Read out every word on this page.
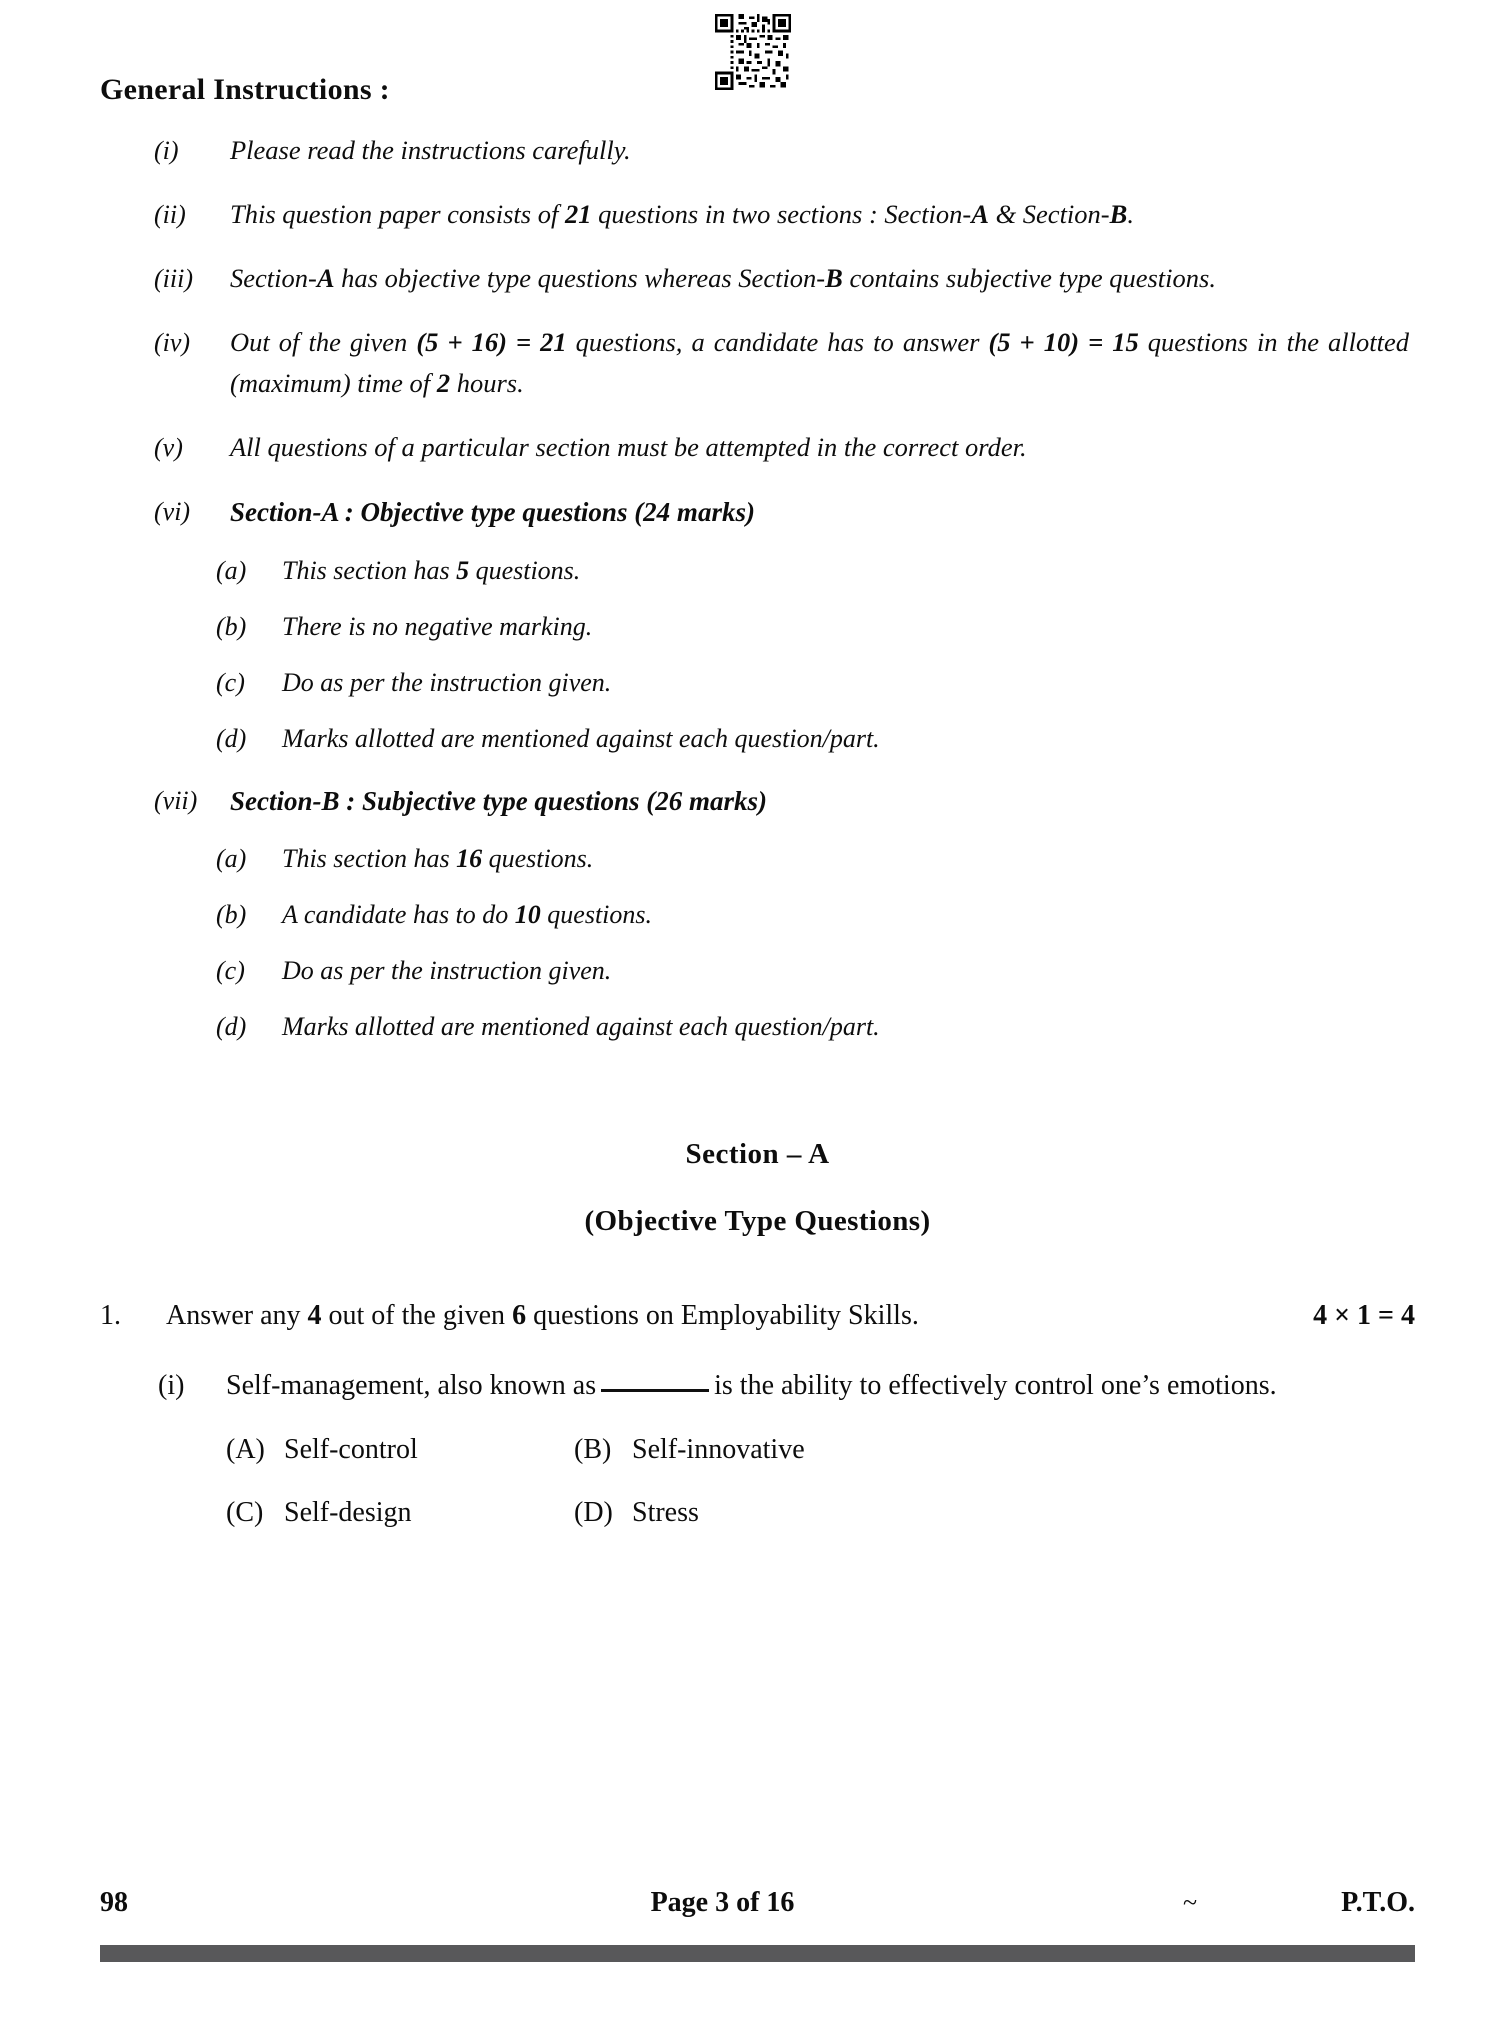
General Instructions :
(i)	Please read the instructions carefully.
(ii)	This question paper consists of 21 questions in two sections : Section-A & Section-B.
(iii)	Section-A has objective type questions whereas Section-B contains subjective type questions.
(iv)	Out of the given (5 + 16) = 21 questions, a candidate has to answer (5 + 10) = 15 questions in the allotted (maximum) time of 2 hours.
(v)	All questions of a particular section must be attempted in the correct order.
(vi)	Section-A : Objective type questions (24 marks)
(a)	This section has 5 questions.
(b)	There is no negative marking.
(c)	Do as per the instruction given.
(d)	Marks allotted are mentioned against each question/part.
(vii)	Section-B : Subjective type questions (26 marks)
(a)	This section has 16 questions.
(b)	A candidate has to do 10 questions.
(c)	Do as per the instruction given.
(d)	Marks allotted are mentioned against each question/part.
Section – A
(Objective Type Questions)
1.	Answer any 4 out of the given 6 questions on Employability Skills.	4 × 1 = 4
(i)	Self-management, also known as	is the ability to effectively control one’s emotions.
(A) Self-control	(B) Self-innovative
(C) Self-design	(D) Stress
98	Page 3 of 16	~	P.T.O.
